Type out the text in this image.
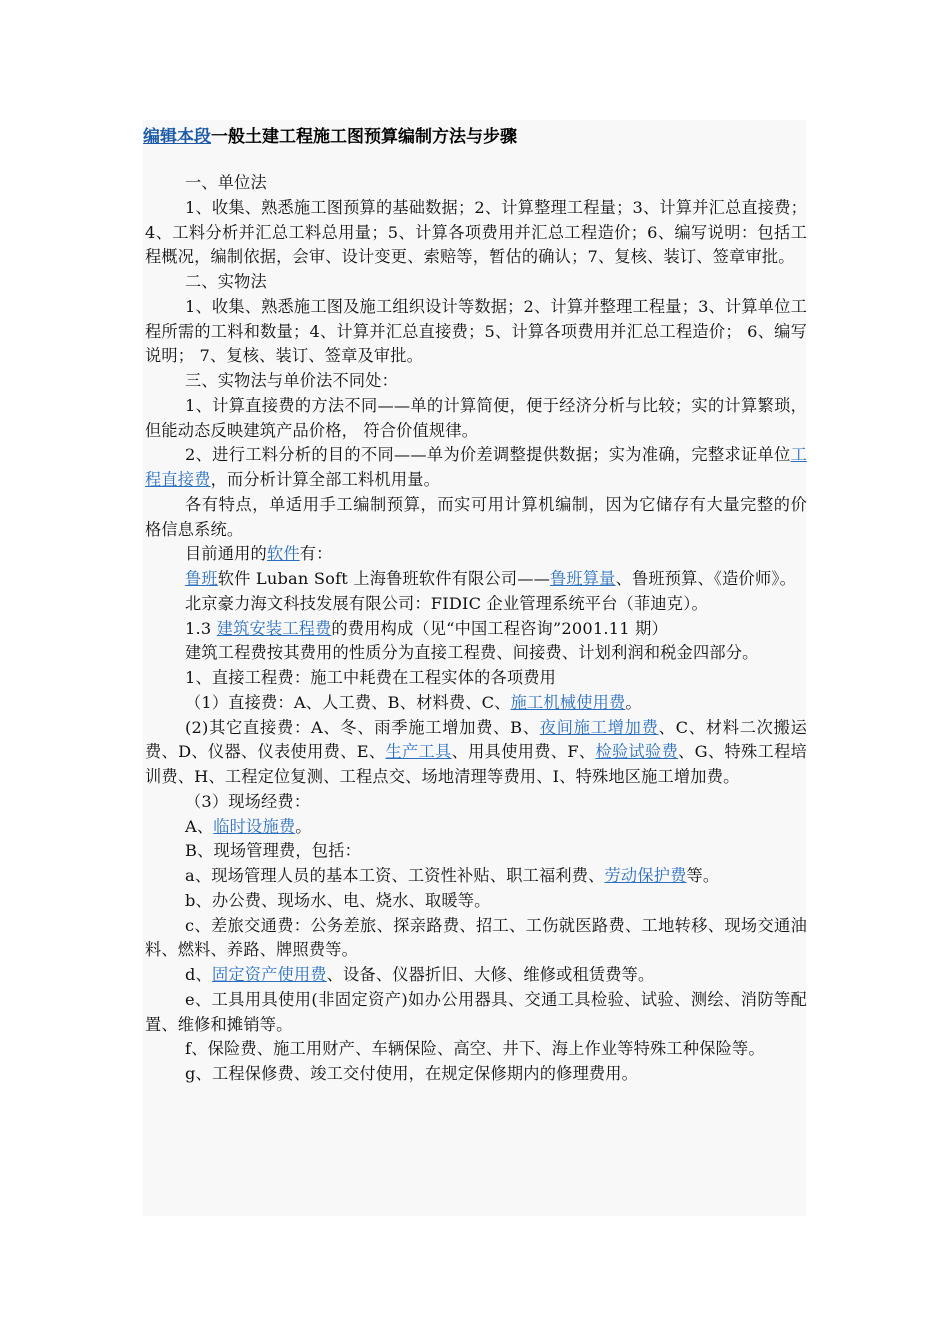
编辑本段一般土建工程施工图预算编制方法与步骤

一、单位法

1、收集、熟悉施工图预算的基础数据；2、计算整理工程量；3、计算并汇总直接费；4、工料分析并汇总工料总用量；5、计算各项费用并汇总工程造价；6、编写说明：包括工程概况，编制依据，会审、设计变更、索赔等，暂估的确认；7、复核、装订、签章审批。

二、实物法

1、收集、熟悉施工图及施工组织设计等数据；2、计算并整理工程量；3、计算单位工程所需的工料和数量；4、计算并汇总直接费；5、计算各项费用并汇总工程造价； 6、编写说明； 7、复核、装订、签章及审批。

三、实物法与单价法不同处：

1、计算直接费的方法不同——单的计算简便，便于经济分析与比较；实的计算繁琐， 但能动态反映建筑产品价格， 符合价值规律。

2、进行工料分析的目的不同——单为价差调整提供数据；实为准确，完整求证单位工程直接费，而分析计算全部工料机用量。

各有特点，单适用手工编制预算，而实可用计算机编制，因为它储存有大量完整的价格信息系统。

目前通用的软件有：

鲁班软件 Luban Soft 上海鲁班软件有限公司——鲁班算量、鲁班预算、《造价师》。

北京豪力海文科技发展有限公司：FIDIC 企业管理系统平台（菲迪克）。

1.3 建筑安装工程费的费用构成（见“中国工程咨询”2001.11 期）

建筑工程费按其费用的性质分为直接工程费、间接费、计划利润和税金四部分。

1、直接工程费：施工中耗费在工程实体的各项费用

（1）直接费：A、人工费、B、材料费、C、施工机械使用费。

(2)其它直接费：A、冬、雨季施工增加费、B、夜间施工增加费、C、材料二次搬运费、D、仪器、仪表使用费、E、生产工具、用具使用费、F、检验试验费、G、特殊工程培训费、H、工程定位复测、工程点交、场地清理等费用、I、特殊地区施工增加费。

（3）现场经费：

A、临时设施费。

B、现场管理费，包括：

a、现场管理人员的基本工资、工资性补贴、职工福利费、劳动保护费等。

b、办公费、现场水、电、烧水、取暖等。

c、差旅交通费：公务差旅、探亲路费、招工、工伤就医路费、工地转移、现场交通油料、燃料、养路、牌照费等。

d、固定资产使用费、设备、仪器折旧、大修、维修或租赁费等。

e、工具用具使用(非固定资产)如办公用器具、交通工具检验、试验、测绘、消防等配置、维修和摊销等。

f、保险费、施工用财产、车辆保险、高空、井下、海上作业等特殊工种保险等。

g、工程保修费、竣工交付使用，在规定保修期内的修理费用。
